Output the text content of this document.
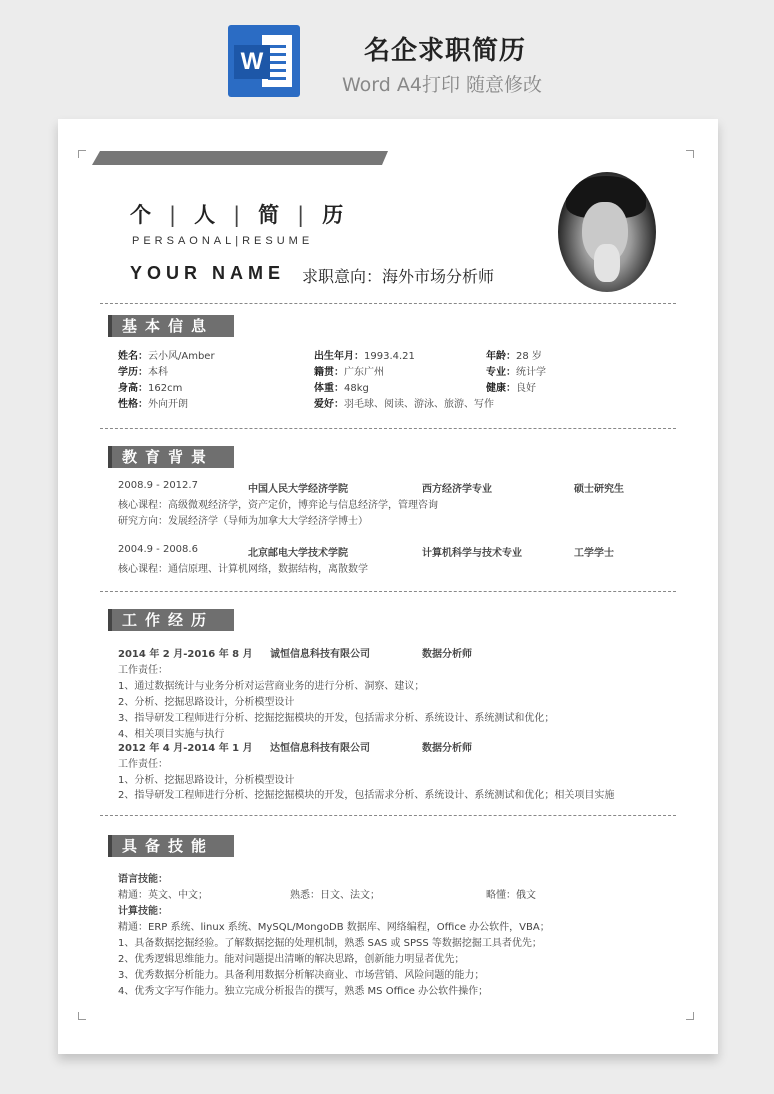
W	名企求职简历
Word A4打印 随意修改
个 | 人 | 简 | 历
PERSAONAL|RESUME
YOUR NAME 求职意向：海外市场分析师
基本信息
姓名：云小风/Amber	出生年月：1993.4.21	年龄：28 岁
学历：本科	籍贯：广东广州	专业：统计学
身高：162cm	体重：48kg	健康：良好
性格：外向开朗	爱好：羽毛球、阅读、游泳、旅游、写作
教育背景
2008.9 - 2012.7	中国人民大学经济学院	西方经济学专业	硕士研究生
核心课程：高级微观经济学，资产定价，博弈论与信息经济学，管理咨询
研究方向：发展经济学（导师为加拿大大学经济学博士）
2004.9 - 2008.6	北京邮电大学技术学院	计算机科学与技术专业	工学学士
核心课程：通信原理、计算机网络，数据结构，离散数学
工作经历
2014 年 2 月-2016 年 8 月 诚恒信息科技有限公司	数据分析师
工作责任：
1、通过数据统计与业务分析对运营商业务的进行分析、洞察、建议；
2、分析、挖掘思路设计，分析模型设计
3、指导研发工程师进行分析、挖掘挖掘模块的开发，包括需求分析、系统设计、系统测试和优化；
4、相关项目实施与执行
2012 年 4 月-2014 年 1 月 达恒信息科技有限公司	数据分析师
工作责任：
1、分析、挖掘思路设计，分析模型设计
2、指导研发工程师进行分析、挖掘挖掘模块的开发，包括需求分析、系统设计、系统测试和优化；相关项目实施
具备技能
语言技能：
精通：英文、中文；	熟悉：日文、法文；	略懂：俄文
计算技能：
精通：ERP 系统、linux 系统、MySQL/MongoDB 数据库、网络编程，Office 办公软件，VBA；
1、具备数据挖掘经验。了解数据挖掘的处理机制，熟悉 SAS 或 SPSS 等数据挖掘工具者优先；
2、优秀逻辑思维能力。能对问题提出清晰的解决思路，创新能力明显者优先；
3、优秀数据分析能力。具备利用数据分析解决商业、市场营销、风险问题的能力；
4、优秀文字写作能力。独立完成分析报告的撰写，熟悉 MS Office 办公软件操作；
